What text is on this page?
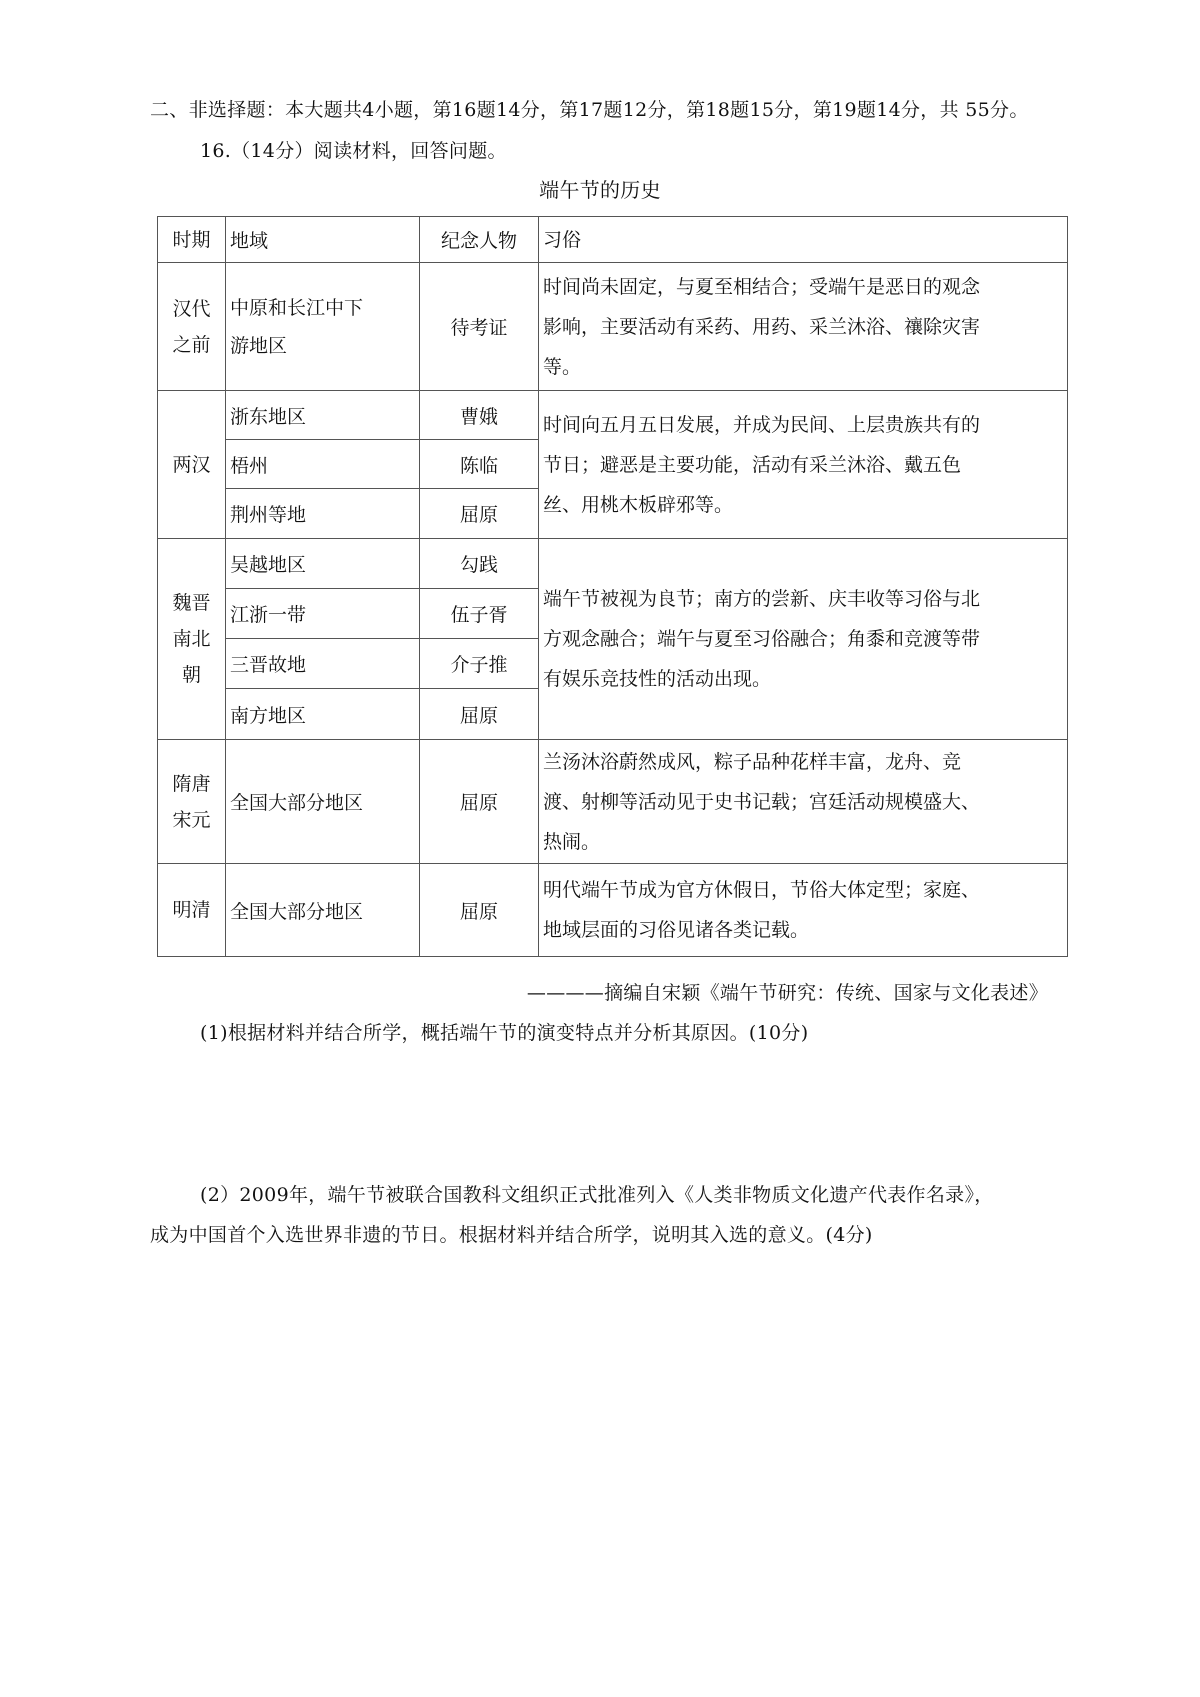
二、非选择题：本大题共4小题，第16题14分，第17题12分，第18题15分，第19题14分，共 55分。
16.（14分）阅读材料，回答问题。
端午节的历史
时期	地域	纪念人物	习俗
汉代之前	中原和长江中下游地区	待考证	时间尚未固定，与夏至相结合；受端午是恶日的观念影响，主要活动有采药、用药、采兰沐浴、禳除灾害等。

两汉	浙东地区	曹娥	时间向五月五日发展，并成为民间、上层贵族共有的节日；避恶是主要功能，活动有采兰沐浴、戴五色丝、用桃木板辟邪等。

	梧州	陈临	
	荆州等地	屈原	
魏晋南北朝	吴越地区	勾践	端午节被视为良节；南方的尝新、庆丰收等习俗与北方观念融合；端午与夏至习俗融合；角黍和竞渡等带有娱乐竞技性的活动出现。

	江浙一带	伍子胥	
	三晋故地	介子推	
	南方地区	屈原	
隋唐宋元	全国大部分地区	屈原	兰汤沐浴蔚然成风，粽子品种花样丰富，龙舟、竞渡、射柳等活动见于史书记载；宫廷活动规模盛大、热闹。

明清	全国大部分地区	屈原	明代端午节成为官方休假日，节俗大体定型；家庭、地域层面的习俗见诸各类记载。
————摘编自宋颖《端午节研究：传统、国家与文化表述》
(1)根据材料并结合所学，概括端午节的演变特点并分析其原因。(10分)
(2）2009年，端午节被联合国教科文组织正式批准列入《人类非物质文化遗产代表作名录》，
成为中国首个入选世界非遗的节日。根据材料并结合所学，说明其入选的意义。(4分)
